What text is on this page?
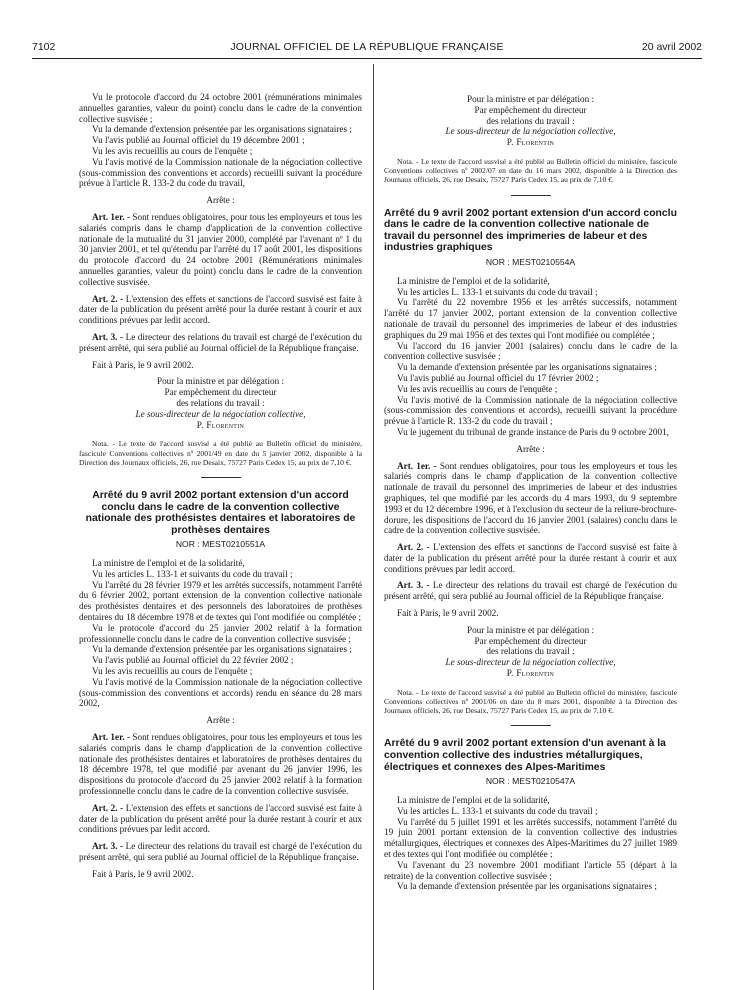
7102	JOURNAL OFFICIEL DE LA RÉPUBLIQUE FRANÇAISE	20 avril 2002

Vu le protocole d'accord du 24 octobre 2001 (rémunérations minimales annuelles garanties, valeur du point) conclu dans le cadre de la convention collective susvisée ;

Vu la demande d'extension présentée par les organisations signataires ;

Vu l'avis publié au Journal officiel du 19 décembre 2001 ;

Vu les avis recueillis au cours de l'enquête ;

Vu l'avis motivé de la Commission nationale de la négociation collective (sous-commission des conventions et accords) recueilli suivant la procédure prévue à l'article R. 133-2 du code du travail,

Arrête :

Art. 1er. - Sont rendues obligatoires, pour tous les employeurs et tous les salariés compris dans le champ d'application de la convention collective nationale de la mutualité du 31 janvier 2000, complété par l'avenant nº 1 du 30 janvier 2001, et tel qu'étendu par l'arrêté du 17 août 2001, les dispositions du protocole d'accord du 24 octobre 2001 (Rémunérations minimales annuelles garanties, valeur du point) conclu dans le cadre de la convention collective susvisée.

Art. 2. - L'extension des effets et sanctions de l'accord susvisé est faite à dater de la publication du présent arrêté pour la durée restant à courir et aux conditions prévues par ledit accord.

Art. 3. - Le directeur des relations du travail est chargé de l'exécution du présent arrêté, qui sera publié au Journal officiel de la République française.

Fait à Paris, le 9 avril 2002.

Pour la ministre et par délégation :

Par empêchement du directeur

des relations du travail :

Le sous-directeur de la négociation collective,

P. Florentin

Nota. - Le texte de l'accord susvisé a été publié au Bulletin officiel du ministère, fascicule Conventions collectives nº 2001/49 en date du 5 janvier 2002, disponible à la Direction des Journaux officiels, 26, rue Desaix, 75727 Paris Cedex 15, au prix de 7,10 €.

Arrêté du 9 avril 2002 portant extension d'un accord conclu dans le cadre de la convention collective nationale des prothésistes dentaires et laboratoires de prothèses dentaires

NOR : MESТ0210551A

La ministre de l'emploi et de la solidarité,

Vu les articles L. 133-1 et suivants du code du travail ;

Vu l'arrêté du 28 février 1979 et les arrêtés successifs, notamment l'arrêté du 6 février 2002, portant extension de la convention collective nationale des prothésistes dentaires et des personnels des laboratoires de prothèses dentaires du 18 décembre 1978 et de textes qui l'ont modifiée ou complétée ;

Vu le protocole d'accord du 25 janvier 2002 relatif à la formation professionnelle conclu dans le cadre de la convention collective susvisée ;

Vu la demande d'extension présentée par les organisations signataires ;

Vu l'avis publié au Journal officiel du 22 février 2002 ;

Vu les avis recueillis au cours de l'enquête ;

Vu l'avis motivé de la Commission nationale de la négociation collective (sous-commission des conventions et accords) rendu en séance du 28 mars 2002,

Arrête :

Art. 1er. - Sont rendues obligatoires, pour tous les employeurs et tous les salariés compris dans le champ d'application de la convention collective nationale des prothésistes dentaires et laboratoires de prothèses dentaires du 18 décembre 1978, tel que modifié par avenant du 26 janvier 1996, les dispositions du protocole d'accord du 25 janvier 2002 relatif à la formation professionnelle conclu dans le cadre de la convention collective susvisée.

Art. 2. - L'extension des effets et sanctions de l'accord susvisé est faite à dater de la publication du présent arrêté pour la durée restant à courir et aux conditions prévues par ledit accord.

Art. 3. - Le directeur des relations du travail est chargé de l'exécution du présent arrêté, qui sera publié au Journal officiel de la République française.

Fait à Paris, le 9 avril 2002.

Pour la ministre et par délégation :

Par empêchement du directeur

des relations du travail :

Le sous-directeur de la négociation collective,

P. Florentin

Nota. - Le texte de l'accord susvisé a été publié au Bulletin officiel du ministère, fascicule Conventions collectives nº 2002/07 en date du 16 mars 2002, disponible à la Direction des Journaux officiels, 26, rue Desaix, 75727 Paris Cedex 15, au prix de 7,10 €.

Arrêté du 9 avril 2002 portant extension d'un accord conclu dans le cadre de la convention collective nationale de travail du personnel des imprimeries de labeur et des industries graphiques

NOR : MEST0210554A

La ministre de l'emploi et de la solidarité,

Vu les articles L. 133-1 et suivants du code du travail ;

Vu l'arrêté du 22 novembre 1956 et les arrêtés successifs, notamment l'arrêté du 17 janvier 2002, portant extension de la convention collective nationale de travail du personnel des imprimeries de labeur et des industries graphiques du 29 mai 1956 et des textes qui l'ont modifiée ou complétée ;

Vu l'accord du 16 janvier 2001 (salaires) conclu dans le cadre de la convention collective susvisée ;

Vu la demande d'extension présentée par les organisations signataires ;

Vu l'avis publié au Journal officiel du 17 février 2002 ;

Vu les avis recueillis au cours de l'enquête ;

Vu l'avis motivé de la Commission nationale de la négociation collective (sous-commission des conventions et accords), recueilli suivant la procédure prévue à l'article R. 133-2 du code du travail ;

Vu le jugement du tribunal de grande instance de Paris du 9 octobre 2001,

Arrête :

Art. 1er. - Sont rendues obligatoires, pour tous les employeurs et tous les salariés compris dans le champ d'application de la convention collective nationale de travail du personnel des imprimeries de labeur et des industries graphiques, tel que modifié par les accords du 4 mars 1993, du 9 septembre 1993 et du 12 décembre 1996, et à l'exclusion du secteur de la reliure-brochure-dorure, les dispositions de l'accord du 16 janvier 2001 (salaires) conclu dans le cadre de la convention collective susvisée.

Art. 2. - L'extension des effets et sanctions de l'accord susvisé est faite à dater de la publication du présent arrêté pour la durée restant à courir et aux conditions prévues par ledit accord.

Art. 3. - Le directeur des relations du travail est chargé de l'exécution du présent arrêté, qui sera publié au Journal officiel de la République française.

Fait à Paris, le 9 avril 2002.

Pour la ministre et par délégation :

Par empêchement du directeur

des relations du travail :

Le sous-directeur de la négociation collective,

P. Florentin

Nota. - Le texte de l'accord susvisé a été publié au Bulletin officiel du ministère, fascicule Conventions collectives nº 2001/06 en date du 8 mars 2001, disponible à la Direction des Journaux officiels, 26, rue Desaix, 75727 Paris Cedex 15, au prix de 7,10 €.

Arrêté du 9 avril 2002 portant extension d'un avenant à la convention collective des industries métallurgiques, électriques et connexes des Alpes-Maritimes

NOR : MEST0210547A

La ministre de l'emploi et de la solidarité,

Vu les articles L. 133-1 et suivants du code du travail ;

Vu l'arrêté du 5 juillet 1991 et les arrêtés successifs, notamment l'arrêté du 19 juin 2001 portant extension de la convention collective des industries métallurgiques, électriques et connexes des Alpes-Maritimes du 27 juillet 1989 et des textes qui l'ont modifiée ou complétée ;

Vu l'avenant du 23 novembre 2001 modifiant l'article 55 (départ à la retraite) de la convention collective susvisée ;

Vu la demande d'extension présentée par les organisations signataires ;
